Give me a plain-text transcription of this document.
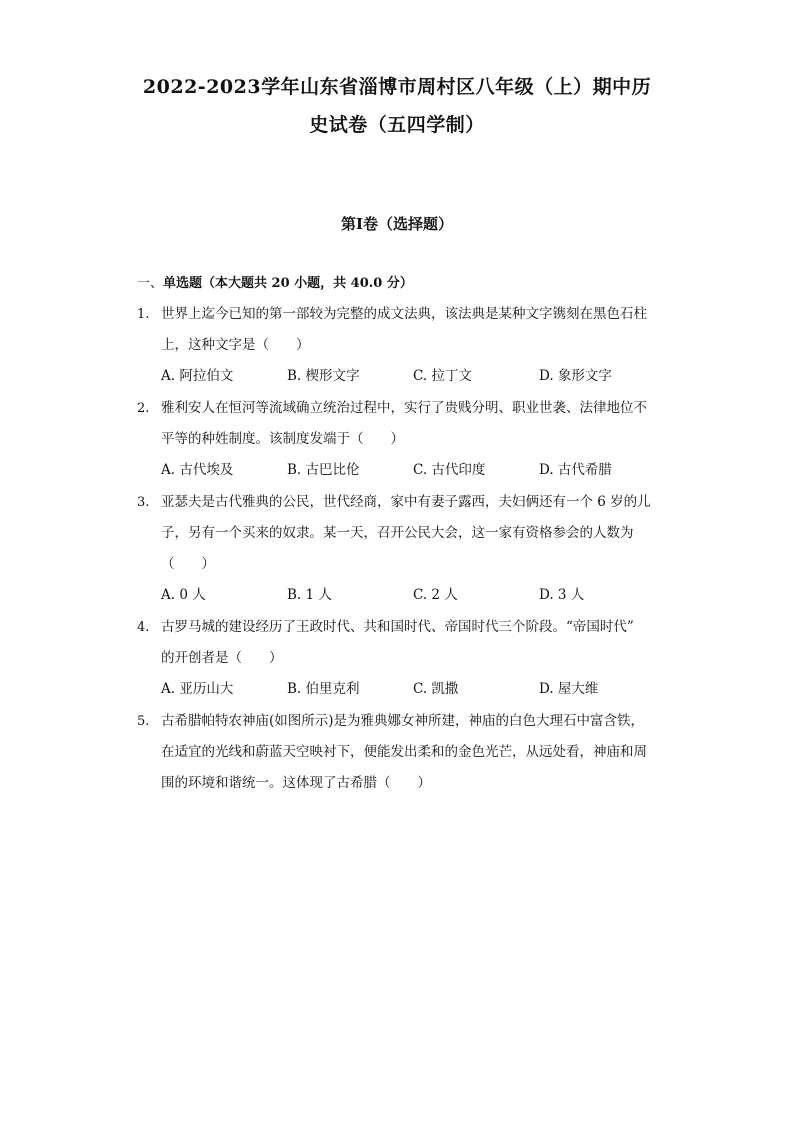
2022-2023学年山东省淄博市周村区八年级（上）期中历
史试卷（五四学制）
第I卷（选择题）
一、单选题（本大题共 20 小题，共 40.0 分）
1. 世界上迄今已知的第一部较为完整的成文法典，该法典是某种文字镌刻在黑色石柱
上，这种文字是（　　）
A. 阿拉伯文	B. 楔形文字	C. 拉丁文	D. 象形文字
2. 雅利安人在恒河等流域确立统治过程中，实行了贵贱分明、职业世袭、法律地位不
平等的种姓制度。该制度发端于（　　）
A. 古代埃及	B. 古巴比伦	C. 古代印度	D. 古代希腊
3. 亚瑟夫是古代雅典的公民，世代经商，家中有妻子露西，夫妇俩还有一个 6 岁的儿
子，另有一个买来的奴隶。某一天，召开公民大会，这一家有资格参会的人数为
（　　）
A. 0 人	B. 1 人	C. 2 人	D. 3 人
4. 古罗马城的建设经历了王政时代、共和国时代、帝国时代三个阶段。“帝国时代”
的开创者是（　　）
A. 亚历山大	B. 伯里克利	C. 凯撒	D. 屋大维
5. 古希腊帕特农神庙(如图所示)是为雅典娜女神所建，神庙的白色大理石中富含铁，
在适宜的光线和蔚蓝天空映衬下，便能发出柔和的金色光芒，从远处看，神庙和周
围的环境和谐统一。这体现了古希腊（　　）
